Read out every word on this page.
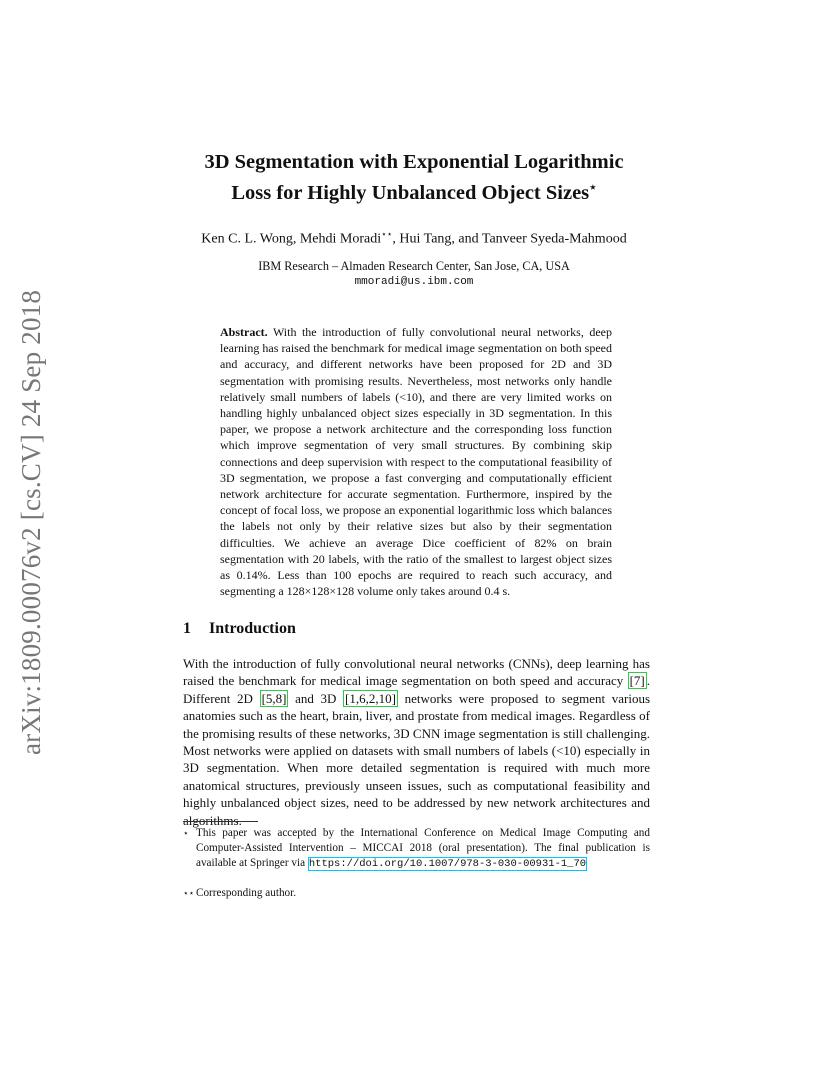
arXiv:1809.00076v2 [cs.CV] 24 Sep 2018
3D Segmentation with Exponential Logarithmic
Loss for Highly Unbalanced Object Sizes⋆
Ken C. L. Wong, Mehdi Moradi⋆⋆, Hui Tang, and Tanveer Syeda-Mahmood
IBM Research – Almaden Research Center, San Jose, CA, USA
mmoradi@us.ibm.com
Abstract. With the introduction of fully convolutional neural networks, deep learning has raised the benchmark for medical image segmentation on both speed and accuracy, and different networks have been proposed for 2D and 3D segmentation with promising results. Nevertheless, most networks only handle relatively small numbers of labels (<10), and there are very limited works on handling highly unbalanced object sizes especially in 3D segmentation. In this paper, we propose a network architecture and the corresponding loss function which improve segmentation of very small structures. By combining skip connections and deep supervision with respect to the computational feasibility of 3D segmentation, we propose a fast converging and computationally efficient network architecture for accurate segmentation. Furthermore, inspired by the concept of focal loss, we propose an exponential logarithmic loss which balances the labels not only by their relative sizes but also by their segmentation difficulties. We achieve an average Dice coefficient of 82% on brain segmentation with 20 labels, with the ratio of the smallest to largest object sizes as 0.14%. Less than 100 epochs are required to reach such accuracy, and segmenting a 128×128×128 volume only takes around 0.4 s.
1 Introduction
With the introduction of fully convolutional neural networks (CNNs), deep learning has raised the benchmark for medical image segmentation on both speed and accuracy [7] . Different 2D [5,8] and 3D [1,6,2,10] networks were proposed to segment various anatomies such as the heart, brain, liver, and prostate from medical images. Regardless of the promising results of these networks, 3D CNN image segmentation is still challenging. Most networks were applied on datasets with small numbers of labels (<10) especially in 3D segmentation. When more detailed segmentation is required with much more anatomical structures, previously unseen issues, such as computational feasibility and highly unbalanced object sizes, need to be addressed by new network architectures and algorithms.
⋆ This paper was accepted by the International Conference on Medical Image Computing and Computer-Assisted Intervention – MICCAI 2018 (oral presentation). The final publication is available at Springer via https://doi.org/10.1007/978-3-030-00931-1_70
⋆⋆ Corresponding author.
